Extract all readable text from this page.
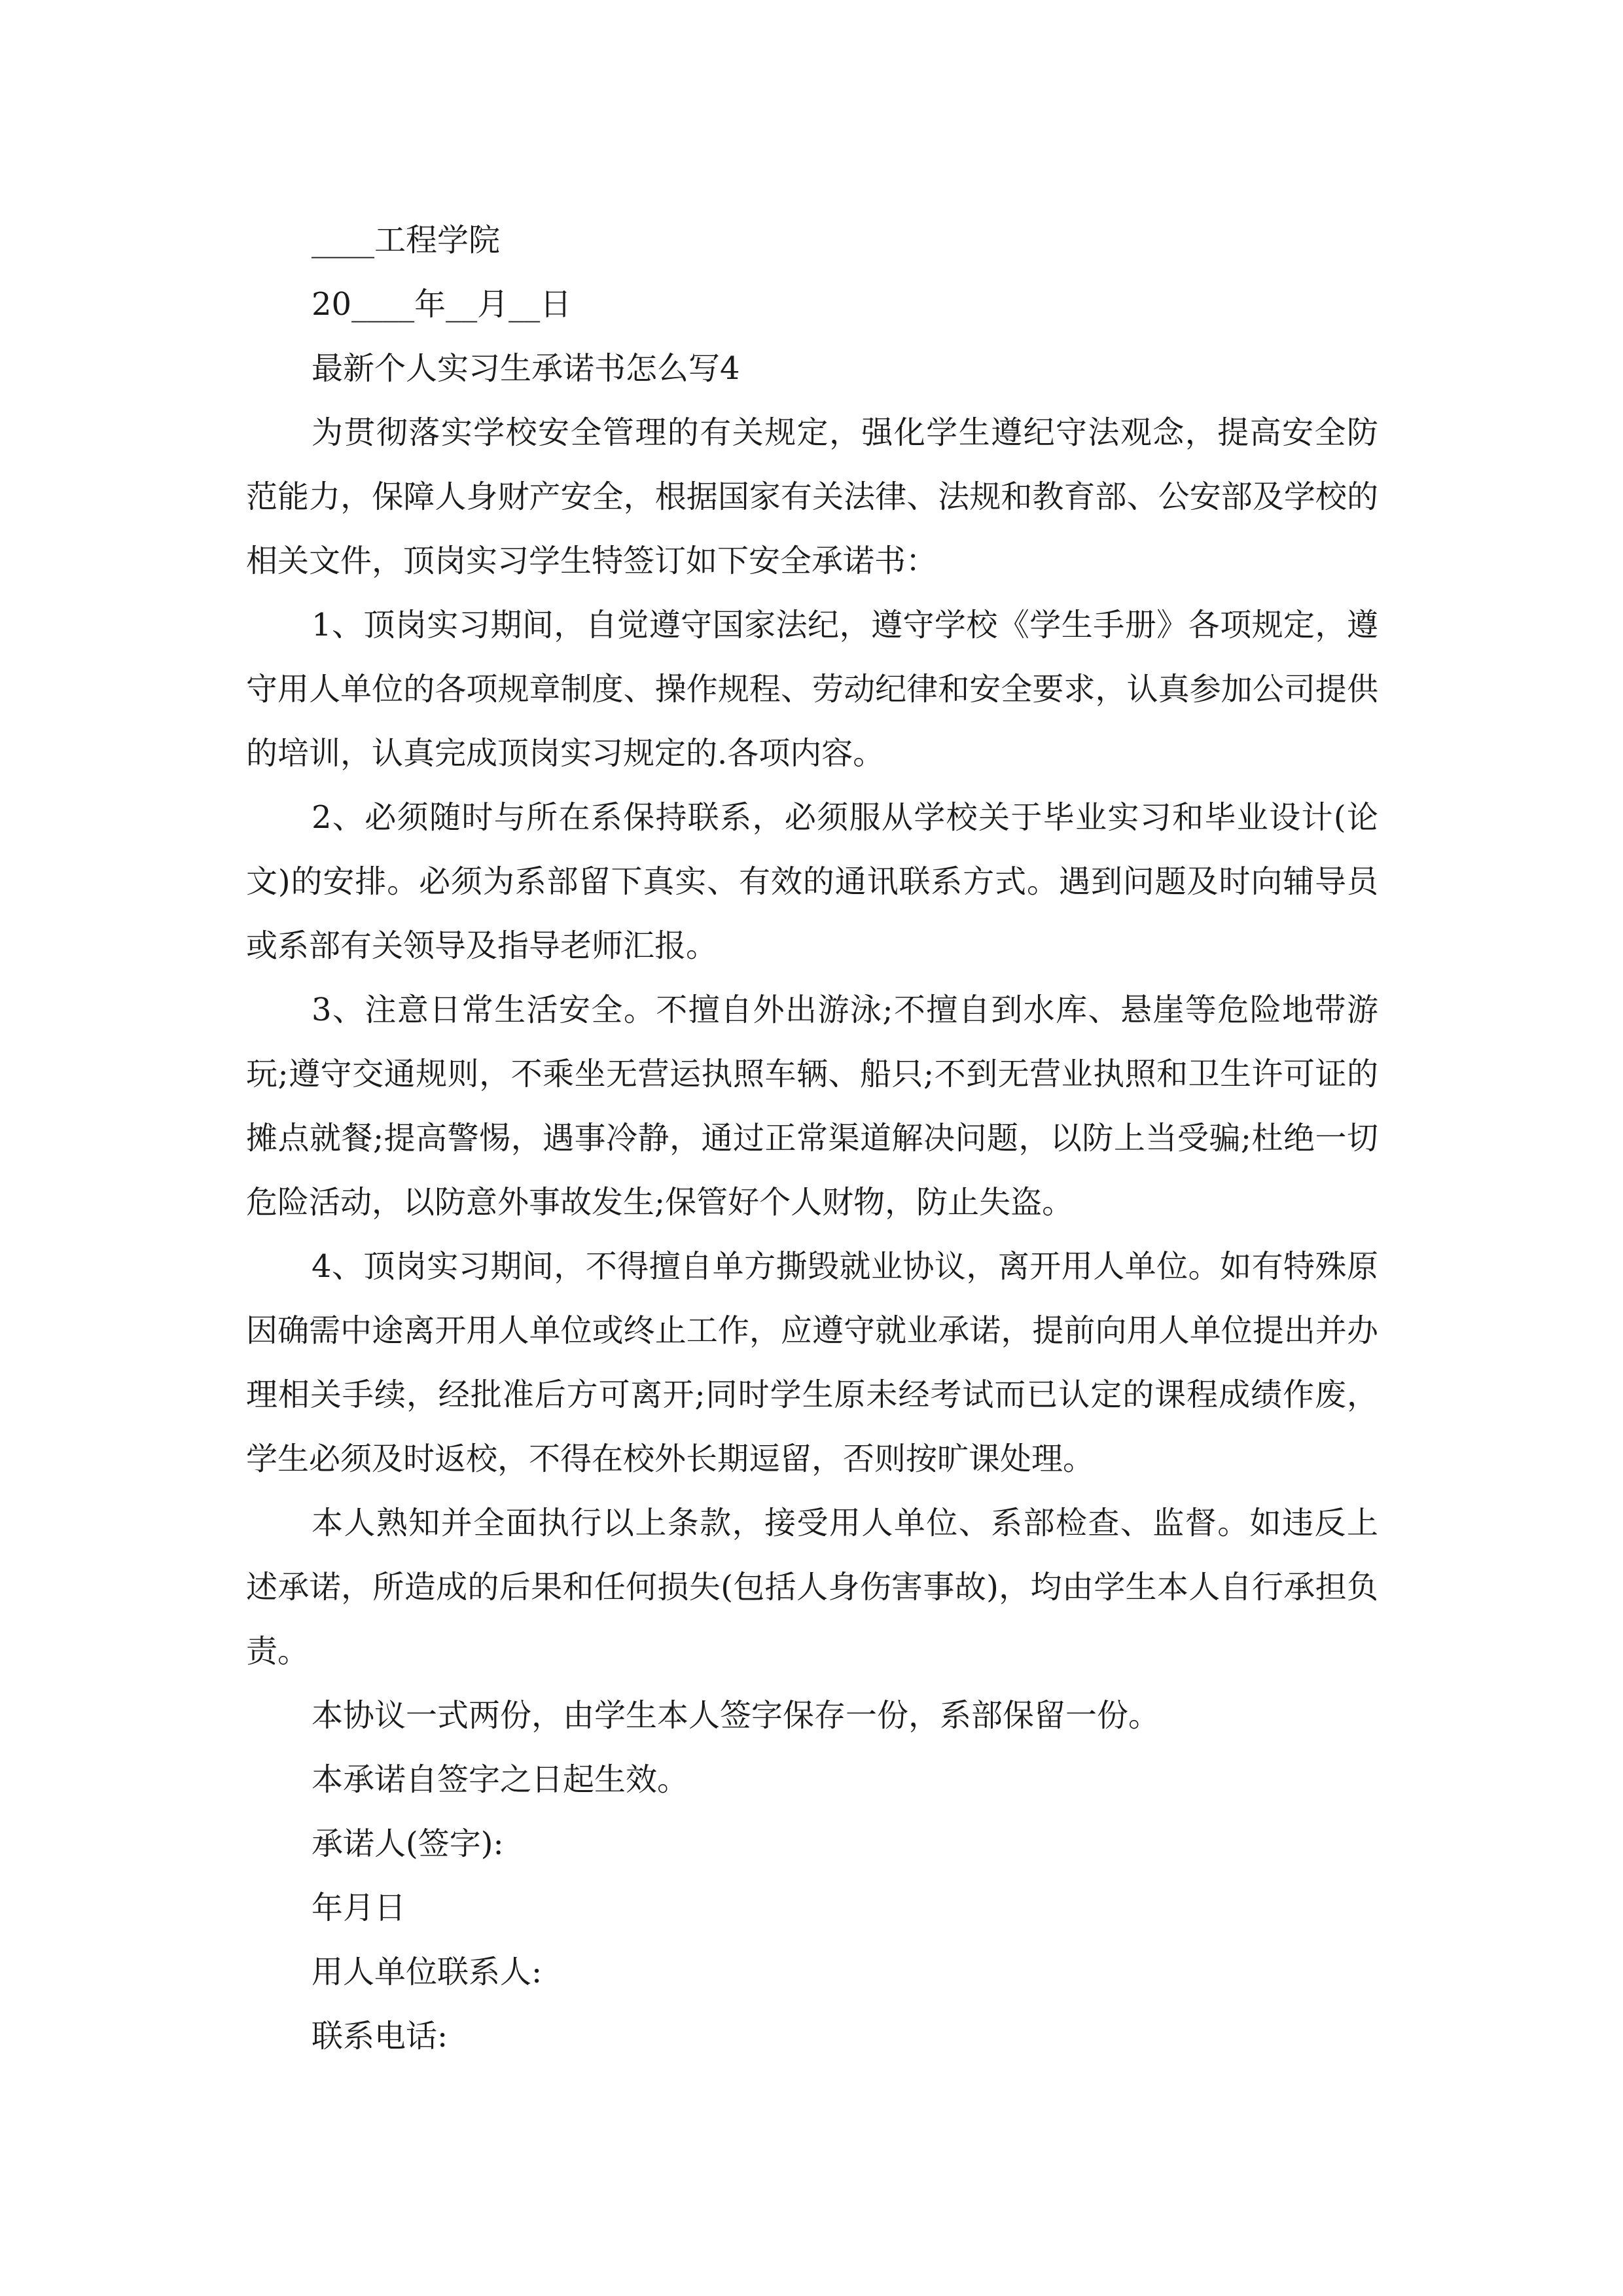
____工程学院

20____年__月__日

最新个人实习生承诺书怎么写4

为贯彻落实学校安全管理的有关规定，强化学生遵纪守法观念，提高安全防范能力，保障人身财产安全，根据国家有关法律、法规和教育部、公安部及学校的相关文件，顶岗实习学生特签订如下安全承诺书：

1、顶岗实习期间，自觉遵守国家法纪，遵守学校《学生手册》各项规定，遵守用人单位的各项规章制度、操作规程、劳动纪律和安全要求，认真参加公司提供的培训，认真完成顶岗实习规定的.各项内容。

2、必须随时与所在系保持联系，必须服从学校关于毕业实习和毕业设计(论文)的安排。必须为系部留下真实、有效的通讯联系方式。遇到问题及时向辅导员或系部有关领导及指导老师汇报。

3、注意日常生活安全。不擅自外出游泳;不擅自到水库、悬崖等危险地带游玩;遵守交通规则，不乘坐无营运执照车辆、船只;不到无营业执照和卫生许可证的摊点就餐;提高警惕，遇事冷静，通过正常渠道解决问题，以防上当受骗;杜绝一切危险活动，以防意外事故发生;保管好个人财物，防止失盗。

4、顶岗实习期间，不得擅自单方撕毁就业协议，离开用人单位。如有特殊原因确需中途离开用人单位或终止工作，应遵守就业承诺，提前向用人单位提出并办理相关手续，经批准后方可离开;同时学生原未经考试而已认定的课程成绩作废，学生必须及时返校，不得在校外长期逗留，否则按旷课处理。

本人熟知并全面执行以上条款，接受用人单位、系部检查、监督。如违反上述承诺，所造成的后果和任何损失(包括人身伤害事故)，均由学生本人自行承担负责。

本协议一式两份，由学生本人签字保存一份，系部保留一份。

本承诺自签字之日起生效。

承诺人(签字):

年月日

用人单位联系人:

联系电话:
